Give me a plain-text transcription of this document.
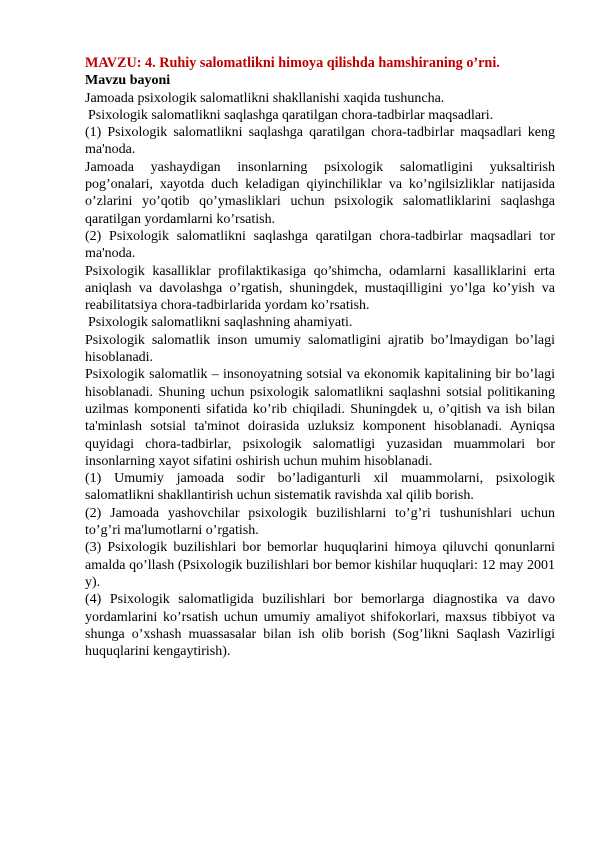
MAVZU: 4. Ruhiy salomatlikni himoya qilishda hamshiraning o’rni.
Mavzu bayoni

Jamoada psixologik salomatlikni shakllanishi xaqida tushuncha.

Psixologik salomatlikni saqlashga qaratilgan chora-tadbirlar maqsadlari.

(1) Psixologik salomatlikni saqlashga qaratilgan chora-tadbirlar maqsadlari keng ma'noda.

Jamoada yashaydigan insonlarning psixologik salomatligini yuksaltirish pog’onalari, xayotda duch keladigan qiyinchiliklar va ko’ngilsizliklar natijasida o’zlarini yo’qotib qo’ymasliklari uchun psixologik salomatliklarini saqlashga qaratilgan yordamlarni ko’rsatish.

(2) Psixologik salomatlikni saqlashga qaratilgan chora-tadbirlar maqsadlari tor ma'noda.

Psixologik kasalliklar profilaktikasiga qo’shimcha, odamlarni kasalliklarini erta aniqlash va davolashga o’rgatish, shuningdek, mustaqilligini yo’lga ko’yish va reabilitatsiya chora-tadbirlarida yordam ko’rsatish.

Psixologik salomatlikni saqlashning ahamiyati.

Psixologik salomatlik inson umumiy salomatligini ajratib bo’lmaydigan bo’lagi hisoblanadi.

Psixologik salomatlik – insonoyatning sotsial va ekonomik kapitalining bir bo’lagi hisoblanadi. Shuning uchun psixologik salomatlikni saqlashni sotsial politikaning uzilmas komponenti sifatida ko’rib chiqiladi. Shuningdek u, o’qitish va ish bilan ta'minlash sotsial ta'minot doirasida uzluksiz komponent hisoblanadi. Ayniqsa quyidagi chora-tadbirlar, psixologik salomatligi yuzasidan muammolari bor insonlarning xayot sifatini oshirish uchun muhim hisoblanadi.

(1) Umumiy jamoada sodir bo’ladiganturli xil muammolarni, psixologik salomatlikni shakllantirish uchun sistematik ravishda xal qilib borish.

(2) Jamoada yashovchilar psixologik buzilishlarni to’g’ri tushunishlari uchun to’g’ri ma'lumotlarni o’rgatish.

(3) Psixologik buzilishlari bor bemorlar huquqlarini himoya qiluvchi qonunlarni amalda qo’llash (Psixologik buzilishlari bor bemor kishilar huquqlari: 12 may 2001 y).

(4) Psixologik salomatligida buzilishlari bor bemorlarga diagnostika va davo yordamlarini ko’rsatish uchun umumiy amaliyot shifokorlari, maxsus tibbiyot va shunga o’xshash muassasalar bilan ish olib borish (Sog’likni Saqlash Vazirligi huquqlarini kengaytirish).
